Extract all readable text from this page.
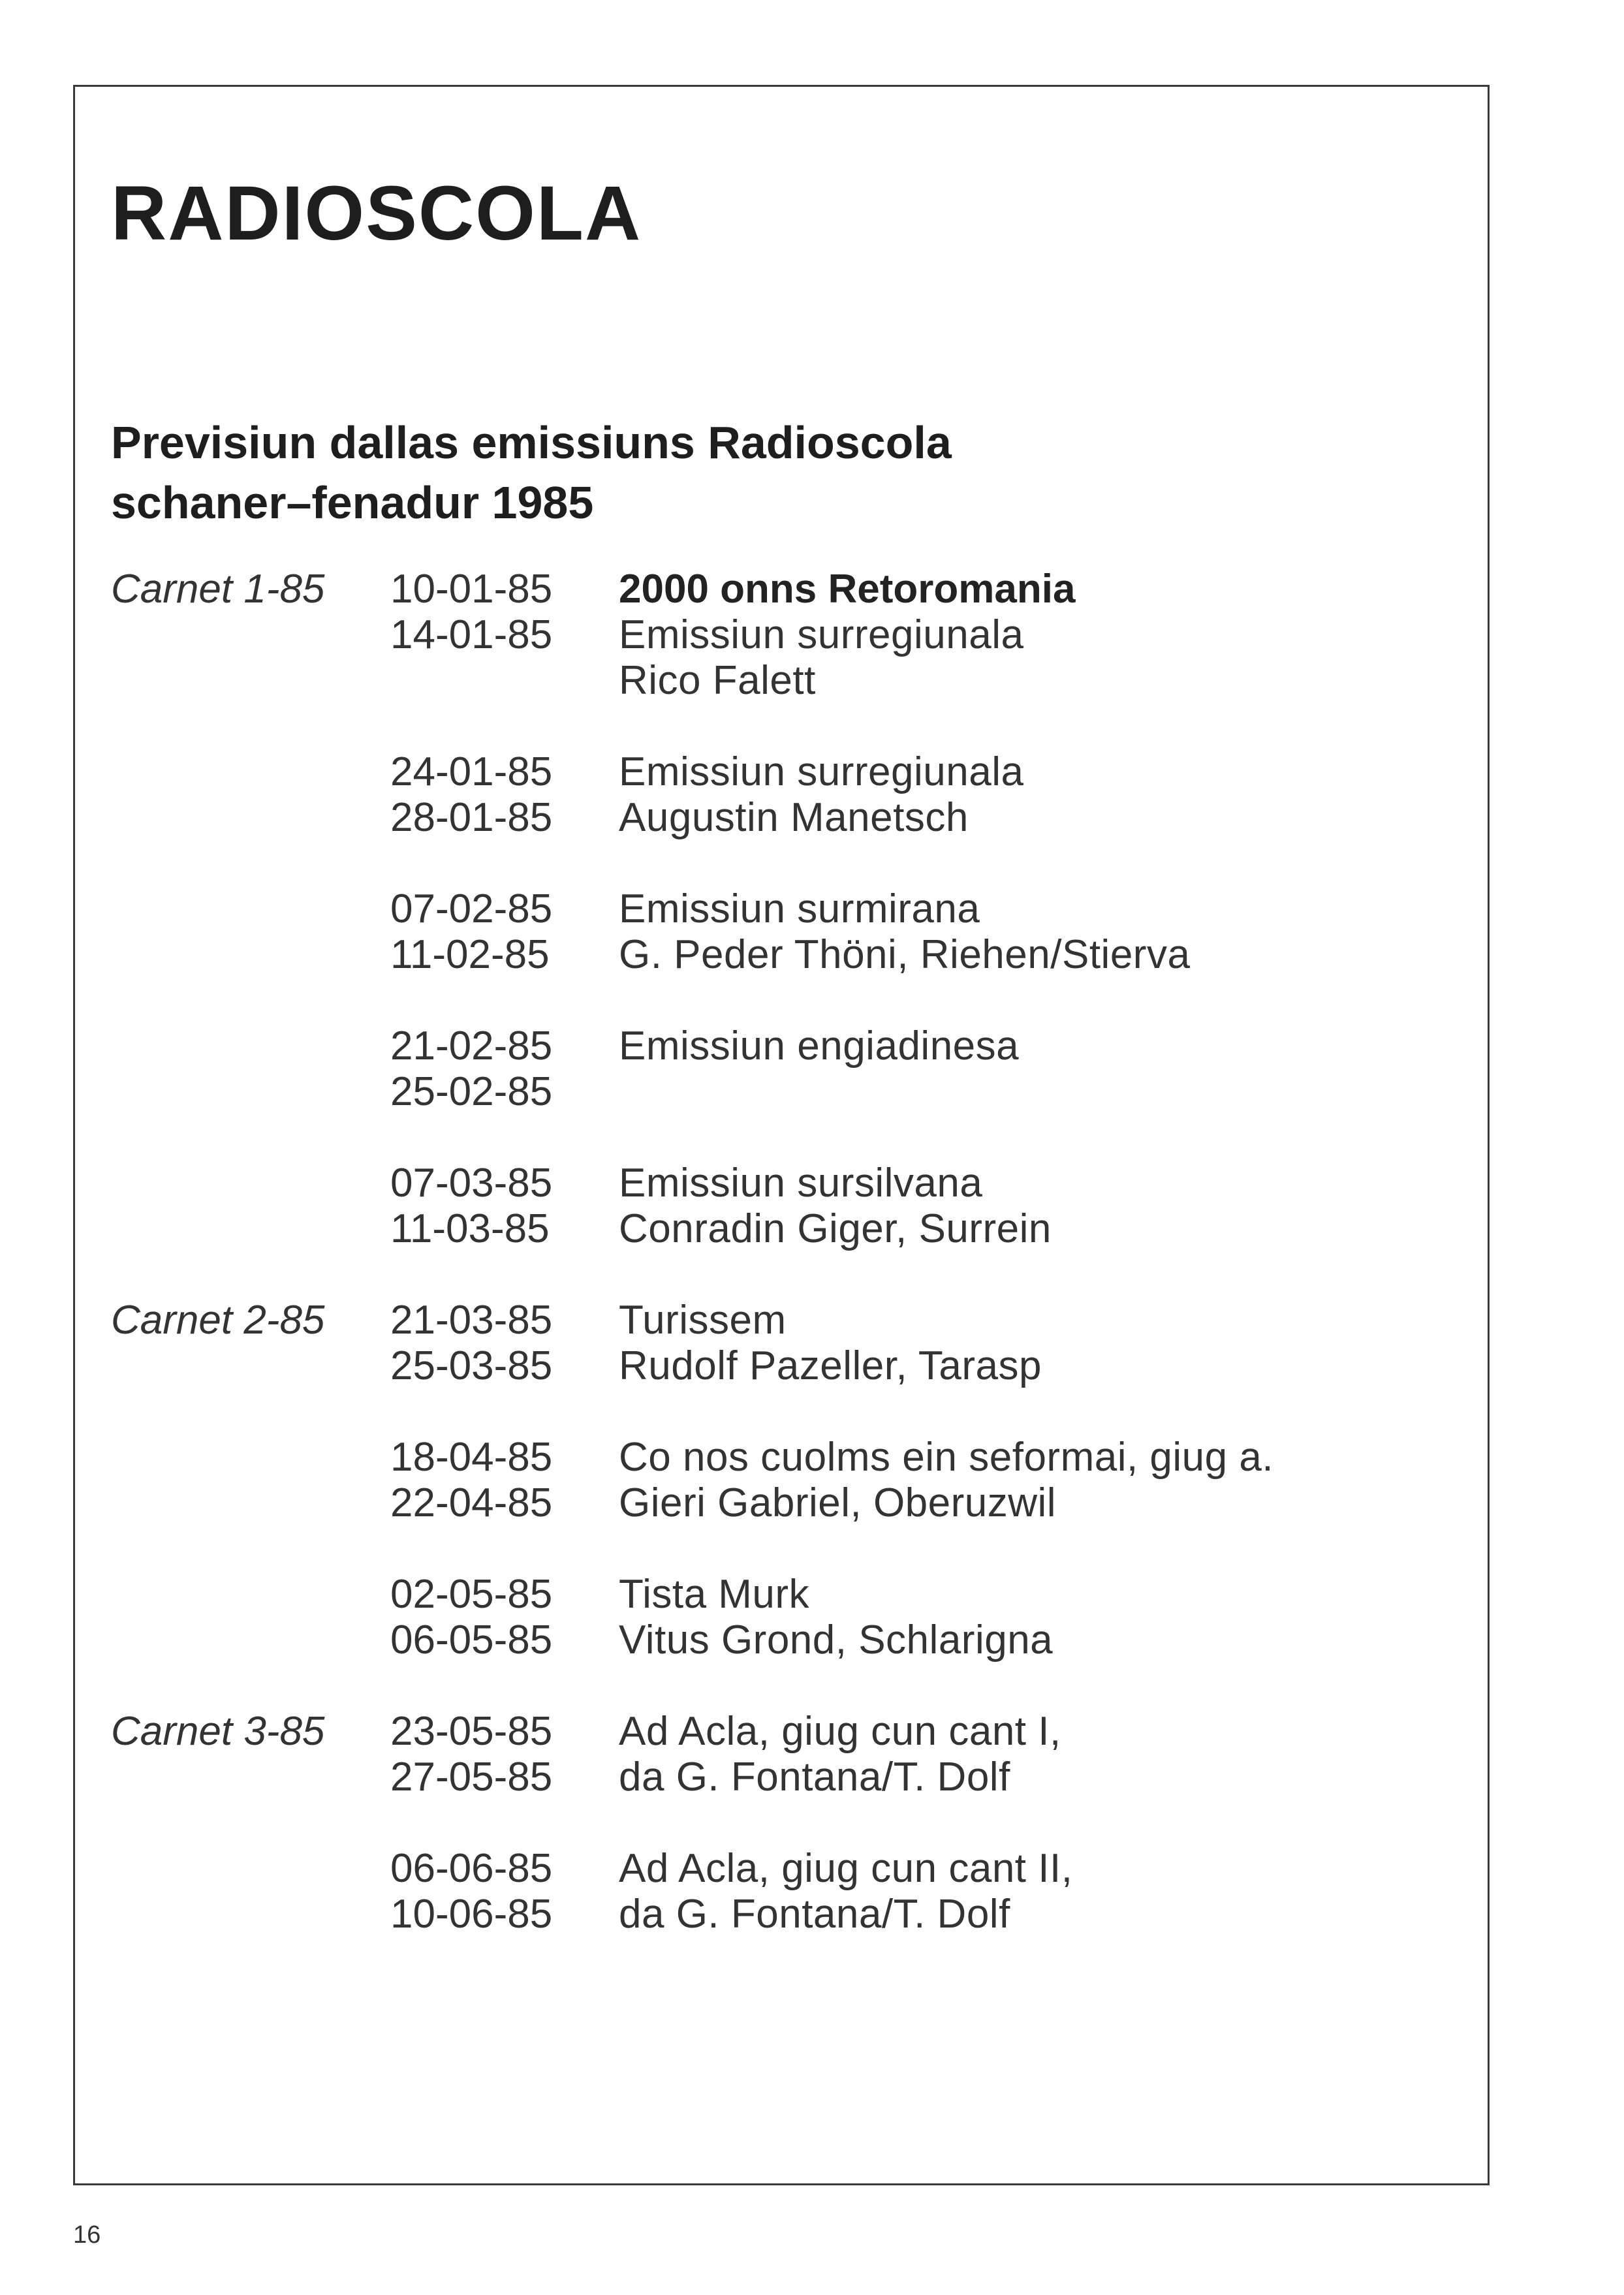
RADIOSCOLA
Previsiun dallas emissiuns Radioscola
schaner–fenadur 1985
Carnet 1-85 10-01-85 2000 onns Retoromania
14-01-85 Emissiun surregiunala
Rico Falett
24-01-85 Emissiun surregiunala
28-01-85 Augustin Manetsch
07-02-85 Emissiun surmirana
11-02-85 G. Peder Thöni, Riehen/Stierva
21-02-85 Emissiun engiadinesa
25-02-85
07-03-85 Emissiun sursilvana
11-03-85 Conradin Giger, Surrein
Carnet 2-85 21-03-85 Turissem
25-03-85 Rudolf Pazeller, Tarasp
18-04-85 Co nos cuolms ein seformai, giug a.
22-04-85 Gieri Gabriel, Oberuzwil
02-05-85 Tista Murk
06-05-85 Vitus Grond, Schlarigna
Carnet 3-85 23-05-85 Ad Acla, giug cun cant I,
27-05-85 da G. Fontana/T. Dolf
06-06-85 Ad Acla, giug cun cant II,
10-06-85 da G. Fontana/T. Dolf
16
